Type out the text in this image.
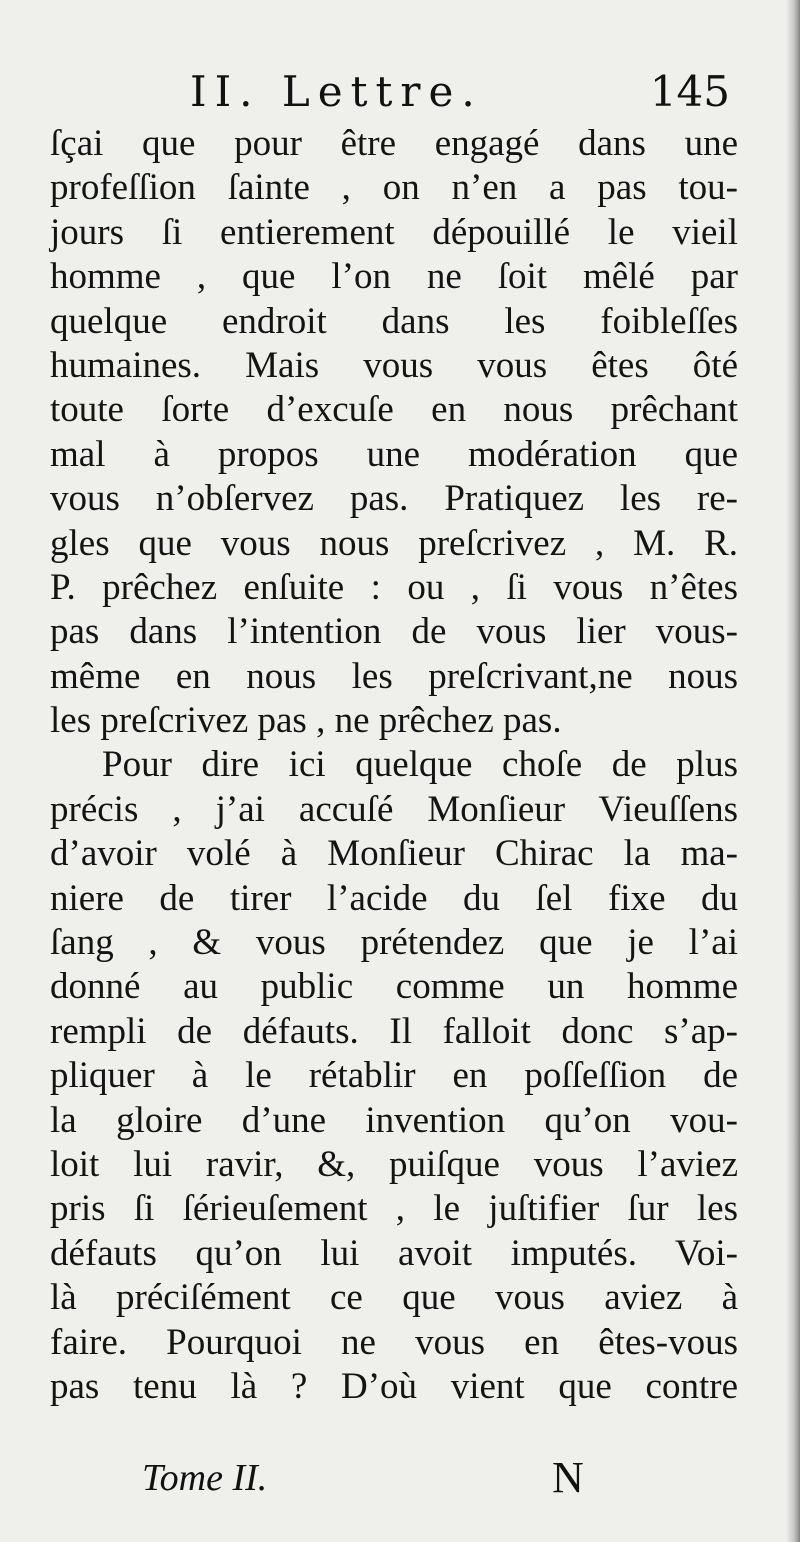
II. Lettre.	145
ſçai que pour être engagé dans une
profeſſion ſainte , on n’en a pas tou-
jours ſi entierement dépouillé le vieil
homme , que l’on ne ſoit mêlé par
quelque endroit dans les foibleſſes
humaines. Mais vous vous êtes ôté
toute ſorte d’excuſe en nous prêchant
mal à propos une modération que
vous n’obſervez pas. Pratiquez les re-
gles que vous nous preſcrivez , M. R.
P. prêchez enſuite : ou , ſi vous n’êtes
pas dans l’intention de vous lier vous-
même en nous les preſcrivant,ne nous
les preſcrivez pas , ne prêchez pas.
Pour dire ici quelque choſe de plus
précis , j’ai accuſé Monſieur Vieuſſens
d’avoir volé à Monſieur Chirac la ma-
niere de tirer l’acide du ſel fixe du
ſang , & vous prétendez que je l’ai
donné au public comme un homme
rempli de défauts. Il falloit donc s’ap-
pliquer à le rétablir en poſſeſſion de
la gloire d’une invention qu’on vou-
loit lui ravir, &, puiſque vous l’aviez
pris ſi ſérieuſement , le juſtifier ſur les
défauts qu’on lui avoit imputés. Voi-
là préciſément ce que vous aviez à
faire. Pourquoi ne vous en êtes-vous
pas tenu là ? D’où vient que contre
Tome II.	N
